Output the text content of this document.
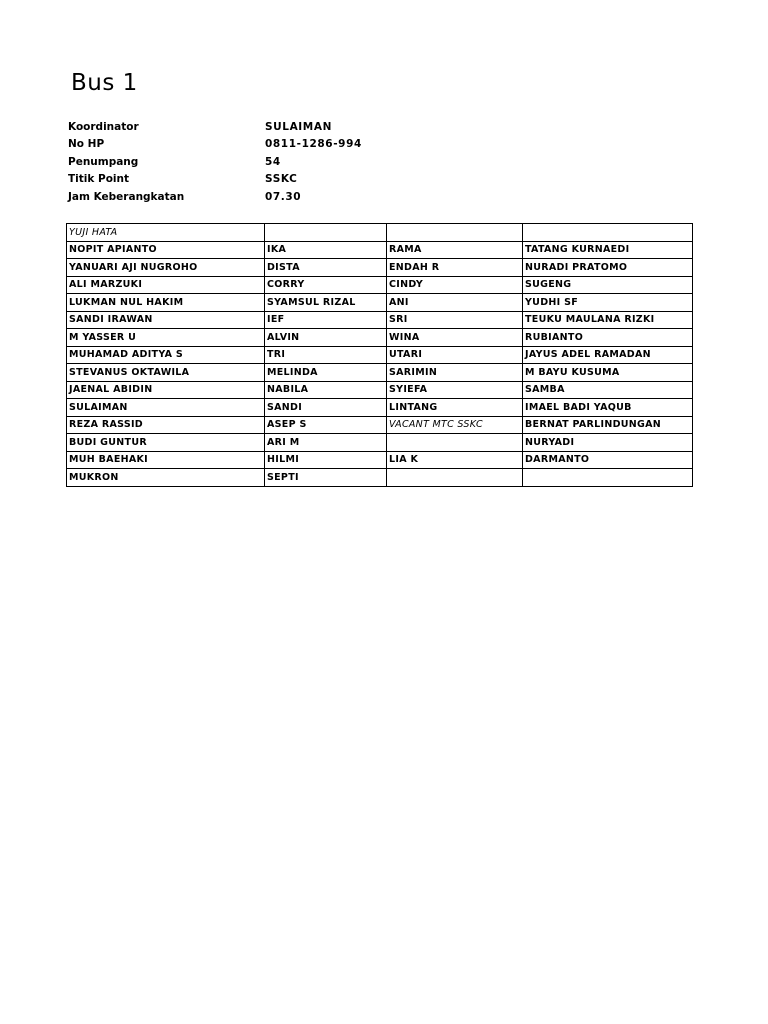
Bus 1
Koordinator	SULAIMAN
No HP	0811-1286-994
Penumpang	54
Titik Point	SSKC
Jam Keberangkatan	07.30
YUJI HATA			
NOPIT APIANTO	IKA	RAMA	TATANG KURNAEDI
YANUARI AJI NUGROHO	DISTA	ENDAH R	NURADI PRATOMO
ALI MARZUKI	CORRY	CINDY	SUGENG
LUKMAN NUL HAKIM	SYAMSUL RIZAL	ANI	YUDHI SF
SANDI IRAWAN	IEF	SRI	TEUKU MAULANA RIZKI
M YASSER U	ALVIN	WINA	RUBIANTO
MUHAMAD ADITYA S	TRI	UTARI	JAYUS ADEL RAMADAN
STEVANUS OKTAWILA	MELINDA	SARIMIN	M BAYU KUSUMA
JAENAL ABIDIN	NABILA	SYIEFA	SAMBA
SULAIMAN	SANDI	LINTANG	IMAEL BADI YAQUB
REZA RASSID	ASEP S	VACANT MTC SSKC	BERNAT PARLINDUNGAN
BUDI GUNTUR	ARI M		NURYADI
MUH BAEHAKI	HILMI	LIA K	DARMANTO
MUKRON	SEPTI		
